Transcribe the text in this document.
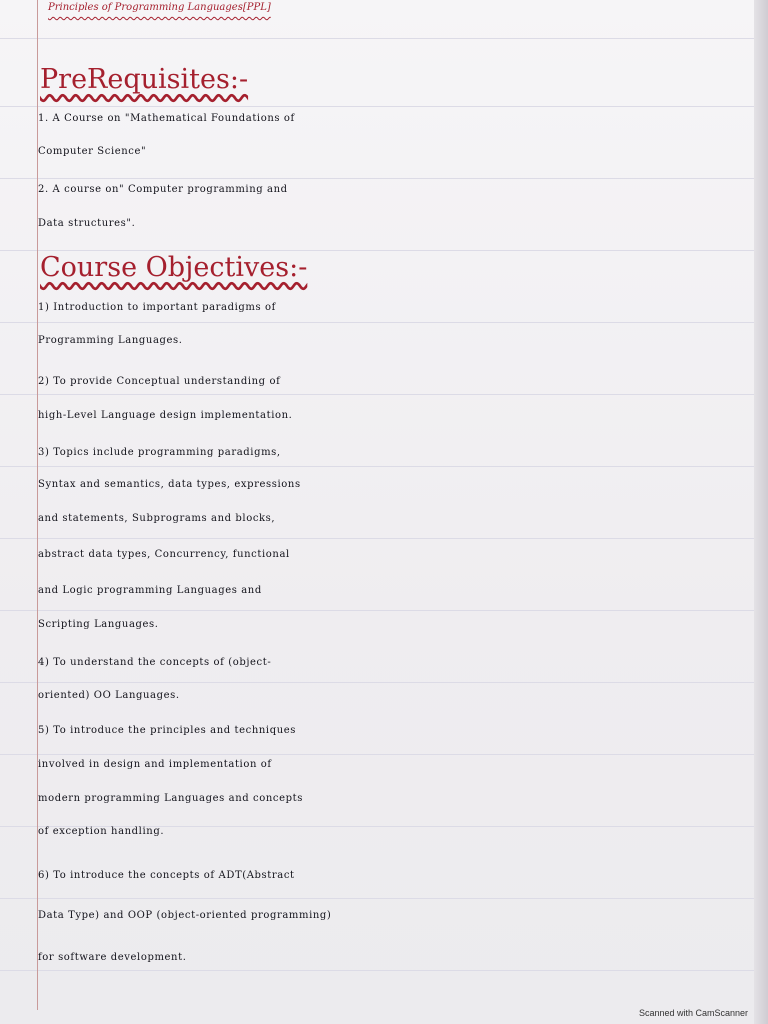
Principles of Programming Languages[PPL]
PreRequisites:-
1. A Course on "Mathematical Foundations of
Computer Science"
2. A course on" Computer programming and
Data structures".
Course Objectives:-
1) Introduction to important paradigms of
Programming Languages.
2) To provide Conceptual understanding of
high-Level Language design implementation.
3) Topics include programming paradigms,
Syntax and semantics, data types, expressions
and statements, Subprograms and blocks,
abstract data types, Concurrency, functional
and Logic programming Languages and
Scripting Languages.
4) To understand the concepts of (object-
oriented) OO Languages.
5) To introduce the principles and techniques
involved in design and implementation of
modern programming Languages and concepts
of exception handling.
6) To introduce the concepts of ADT(Abstract
Data Type) and OOP (object-oriented programming)
for software development.
Scanned with CamScanner
